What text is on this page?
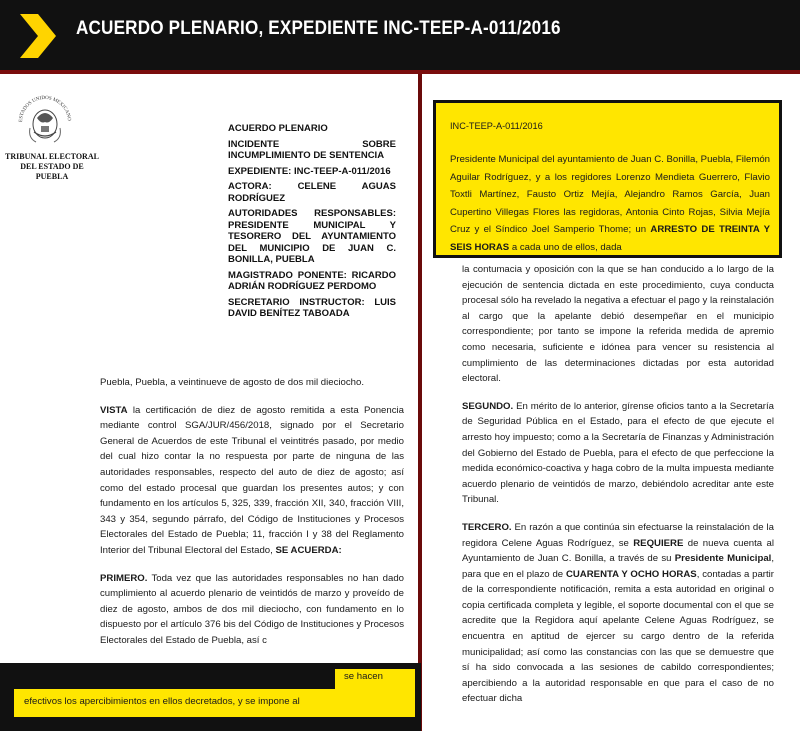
ACUERDO PLENARIO, EXPEDIENTE INC-TEEP-A-011/2016
ESTADOS UNIDOS MEXICANO
TRIBUNAL ELECTORAL
DEL ESTADO DE PUEBLA
ACUERDO PLENARIO
INCIDENTE SOBRE INCUMPLIMIENTO DE SENTENCIA
EXPEDIENTE: INC-TEEP-A-011/2016
ACTORA: CELENE AGUAS RODRÍGUEZ
AUTORIDADES RESPONSABLES: PRESIDENTE MUNICIPAL Y TESORERO DEL AYUNTAMIENTO DEL MUNICIPIO DE JUAN C. BONILLA, PUEBLA
MAGISTRADO PONENTE: RICARDO ADRIÁN RODRÍGUEZ PERDOMO
SECRETARIO INSTRUCTOR: LUIS DAVID BENÍTEZ TABOADA

Puebla, Puebla, a veintinueve de agosto de dos mil dieciocho.

VISTA la certificación de diez de agosto remitida a esta Ponencia mediante control SGA/JUR/456/2018, signado por el Secretario General de Acuerdos de este Tribunal el veintitrés pasado, por medio del cual hizo contar la no respuesta por parte de ninguna de las autoridades responsables, respecto del auto de diez de agosto; así como del estado procesal que guardan los presentes autos; y con fundamento en los artículos 5, 325, 339, fracción XII, 340, fracción VIII, 343 y 354, segundo párrafo, del Código de Instituciones y Procesos Electorales del Estado de Puebla; 11, fracción I y 38 del Reglamento Interior del Tribunal Electoral del Estado, SE ACUERDA:

PRIMERO. Toda vez que las autoridades responsables no han dado cumplimiento al acuerdo plenario de veintidós de marzo y proveído de diez de agosto, ambos de dos mil dieciocho, con fundamento en lo dispuesto por el artículo 376 bis del Código de Instituciones y Procesos Electorales del Estado de Puebla, así c

se hacen
efectivos los apercibimientos en ellos decretados, y se impone al
INC-TEEP-A-011/2016
Presidente Municipal del ayuntamiento de Juan C. Bonilla, Puebla, Filemón Aguilar Rodríguez, y a los regidores Lorenzo Mendieta Guerrero, Flavio Toxtli Martínez, Fausto Ortiz Mejía, Alejandro Ramos García, Juan Cupertino Villegas Flores las regidoras, Antonia Cinto Rojas, Silvia Mejía Cruz y el Síndico Joel Samperio Thome; un ARRESTO DE TREINTA Y SEIS HORAS a cada uno de ellos, dada

la contumacia y oposición con la que se han conducido a lo largo de la ejecución de sentencia dictada en este procedimiento, cuya conducta procesal sólo ha revelado la negativa a efectuar el pago y la reinstalación al cargo que la apelante debió desempeñar en el municipio correspondiente; por tanto se impone la referida medida de apremio como necesaria, suficiente e idónea para vencer su resistencia al cumplimiento de las determinaciones dictadas por esta autoridad electoral.

SEGUNDO. En mérito de lo anterior, gírense oficios tanto a la Secretaría de Seguridad Pública en el Estado, para el efecto de que ejecute el arresto hoy impuesto; como a la Secretaría de Finanzas y Administración del Gobierno del Estado de Puebla, para el efecto de que perfeccione la medida económico-coactiva y haga cobro de la multa impuesta mediante acuerdo plenario de veintidós de marzo, debiéndolo acreditar ante este Tribunal.

TERCERO. En razón a que continúa sin efectuarse la reinstalación de la regidora Celene Aguas Rodríguez, se REQUIERE de nueva cuenta al Ayuntamiento de Juan C. Bonilla, a través de su Presidente Municipal, para que en el plazo de CUARENTA Y OCHO HORAS, contadas a partir de la correspondiente notificación, remita a esta autoridad en original o copia certificada completa y legible, el soporte documental con el que se acredite que la Regidora aquí apelante Celene Aguas Rodríguez, se encuentra en aptitud de ejercer su cargo dentro de la referida municipalidad; así como las constancias con las que se demuestre que sí ha sido convocada a las sesiones de cabildo correspondientes; apercibiendo a la autoridad responsable en que para el caso de no efectuar dicha
